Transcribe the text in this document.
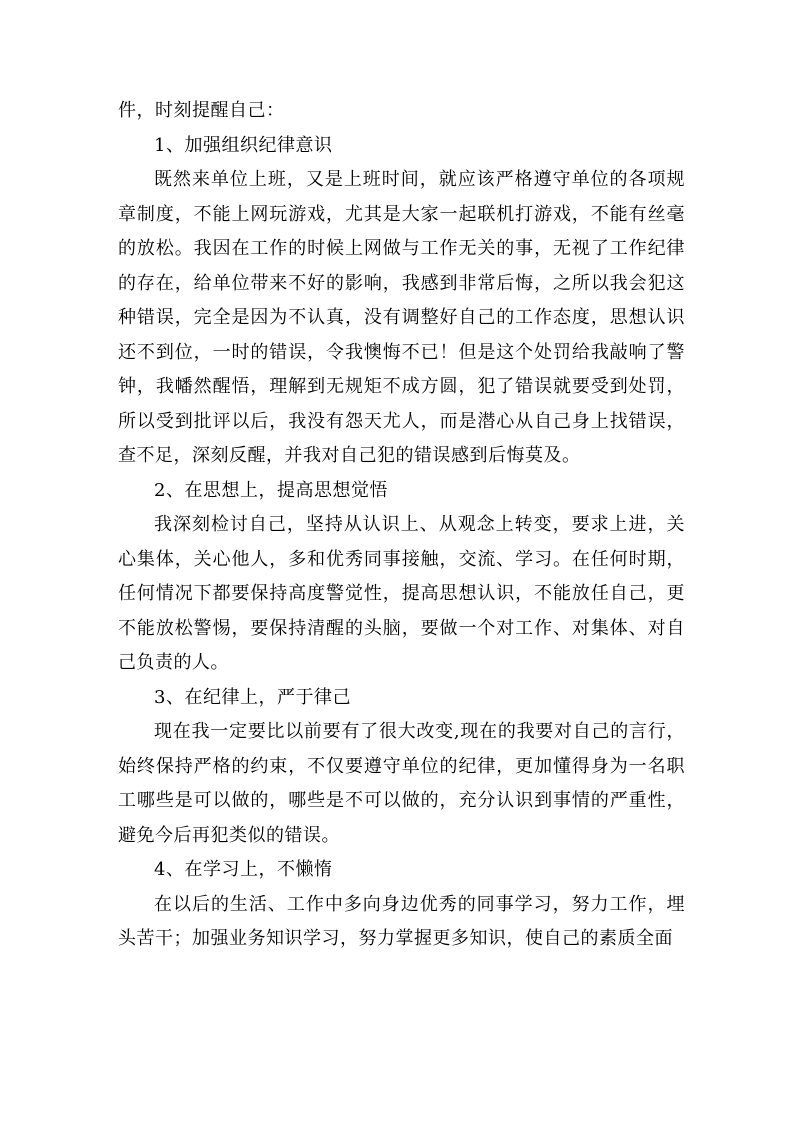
件，时刻提醒自己：

1、加强组织纪律意识

既然来单位上班，又是上班时间，就应该严格遵守单位的各项规章制度，不能上网玩游戏，尤其是大家一起联机打游戏，不能有丝毫的放松。我因在工作的时候上网做与工作无关的事，无视了工作纪律的存在，给单位带来不好的影响，我感到非常后悔，之所以我会犯这种错误，完全是因为不认真，没有调整好自己的工作态度，思想认识还不到位，一时的错误，令我懊悔不已！但是这个处罚给我敲响了警钟，我幡然醒悟，理解到无规矩不成方圆，犯了错误就要受到处罚，所以受到批评以后，我没有怨天尤人，而是潜心从自己身上找错误，查不足，深刻反醒，并我对自己犯的错误感到后悔莫及。

2、在思想上，提高思想觉悟

我深刻检讨自己，坚持从认识上、从观念上转变，要求上进，关心集体，关心他人，多和优秀同事接触，交流、学习。在任何时期，任何情况下都要保持高度警觉性，提高思想认识，不能放任自己，更不能放松警惕，要保持清醒的头脑，要做一个对工作、对集体、对自己负责的人。

3、在纪律上，严于律己

现在我一定要比以前要有了很大改变,现在的我要对自己的言行，始终保持严格的约束，不仅要遵守单位的纪律，更加懂得身为一名职工哪些是可以做的，哪些是不可以做的，充分认识到事情的严重性，避免今后再犯类似的错误。

4、在学习上，不懒惰

在以后的生活、工作中多向身边优秀的同事学习，努力工作，埋头苦干；加强业务知识学习，努力掌握更多知识，使自己的素质全面
